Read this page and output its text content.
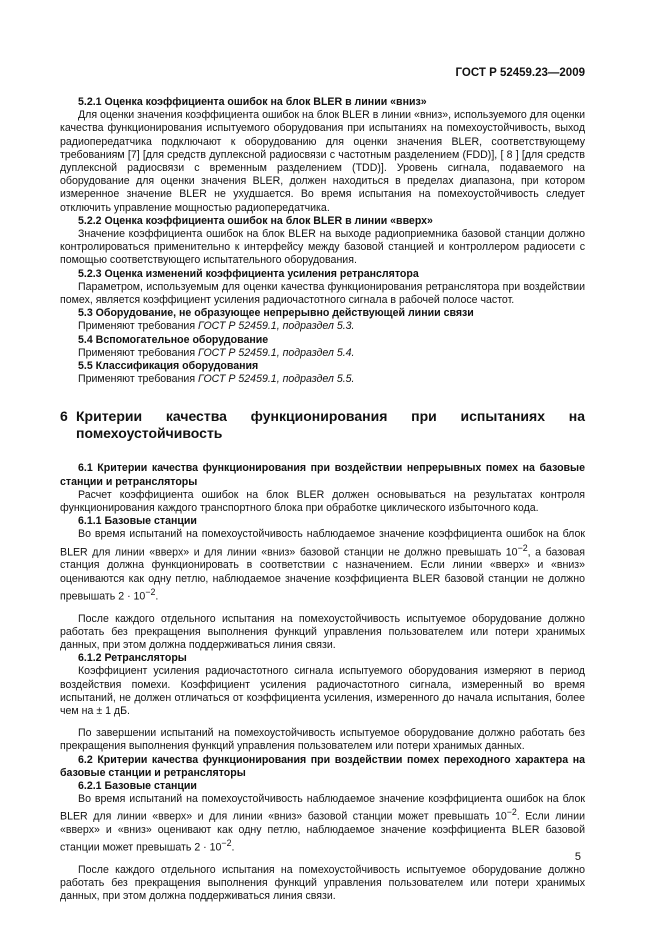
ГОСТ Р 52459.23—2009

5.2.1 Оценка коэффициента ошибок на блок BLER в линии «вниз»

Для оценки значения коэффициента ошибок на блок BLER в линии «вниз», используемого для оценки качества функционирования испытуемого оборудования при испытаниях на помехоустойчивость, выход радиопередатчика подключают к оборудованию для оценки значения BLER, соответствующему требованиям [7] [для средств дуплексной радиосвязи с частотным разделением (FDD)], [ 8 ] [для средств дуплексной радиосвязи с временным разделением (TDD)]. Уровень сигнала, подаваемого на оборудование для оценки значения BLER, должен находиться в пределах диапазона, при котором измеренное значение BLER не ухудшается. Во время испытания на помехоустойчивость следует отключить управление мощностью радиопередатчика.

5.2.2 Оценка коэффициента ошибок на блок BLER в линии «вверх»

Значение коэффициента ошибок на блок BLER на выходе радиоприемника базовой станции должно контролироваться применительно к интерфейсу между базовой станцией и контроллером радиосети с помощью соответствующего испытательного оборудования.

5.2.3 Оценка изменений коэффициента усиления ретранслятора

Параметром, используемым для оценки качества функционирования ретранслятора при воздействии помех, является коэффициент усиления радиочастотного сигнала в рабочей полосе частот.

5.3 Оборудование, не образующее непрерывно действующей линии связи

Применяют требования ГОСТ Р 52459.1, подраздел 5.3.

5.4 Вспомогательное оборудование

Применяют требования ГОСТ Р 52459.1, подраздел 5.4.

5.5 Классификация оборудования

Применяют требования ГОСТ Р 52459.1, подраздел 5.5.

6 Критерии качества функционирования при испытаниях на помехоустойчивость

6.1 Критерии качества функционирования при воздействии непрерывных помех на базовые станции и ретрансляторы

Расчет коэффициента ошибок на блок BLER должен основываться на результатах контроля функционирования каждого транспортного блока при обработке циклического избыточного кода.

6.1.1 Базовые станции

Во время испытаний на помехоустойчивость наблюдаемое значение коэффициента ошибок на блок BLER для линии «вверх» и для линии «вниз» базовой станции не должно превышать $10^{-2}$, а базовая станция должна функционировать в соответствии с назначением. Если линии «вверх» и «вниз» оцениваются как одну петлю, наблюдаемое значение коэффициента BLER базовой станции не должно превышать $2 \cdot 10^{-2}$.

После каждого отдельного испытания на помехоустойчивость испытуемое оборудование должно работать без прекращения выполнения функций управления пользователем или потери хранимых данных, при этом должна поддерживаться линия связи.

6.1.2 Ретрансляторы

Коэффициент усиления радиочастотного сигнала испытуемого оборудования измеряют в период воздействия помехи. Коэффициент усиления радиочастотного сигнала, измеренный во время испытаний, не должен отличаться от коэффициента усиления, измеренного до начала испытания, более чем на ± 1 дБ.

По завершении испытаний на помехоустойчивость испытуемое оборудование должно работать без прекращения выполнения функций управления пользователем или потери хранимых данных.

6.2 Критерии качества функционирования при воздействии помех переходного характера на базовые станции и ретрансляторы

6.2.1 Базовые станции

Во время испытаний на помехоустойчивость наблюдаемое значение коэффициента ошибок на блок BLER для линии «вверх» и для линии «вниз» базовой станции может превышать $10^{-2}$. Если линии «вверх» и «вниз» оценивают как одну петлю, наблюдаемое значение коэффициента BLER базовой станции может превышать $2 \cdot 10^{-2}$.

После каждого отдельного испытания на помехоустойчивость испытуемое оборудование должно работать без прекращения выполнения функций управления пользователем или потери хранимых данных, при этом должна поддерживаться линия связи.

5
